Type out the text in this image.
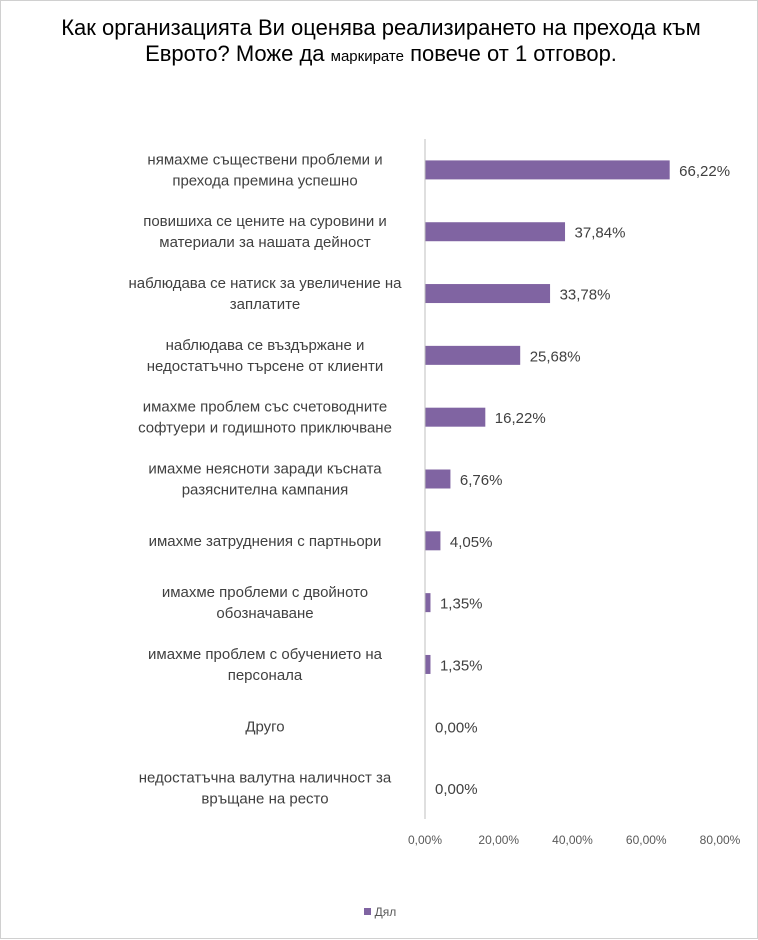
Как организацията Ви оценява реализирането на прехода към Еврото? Може да маркирате повече от 1 отговор.
66,22%
нямахме съществени проблеми и
прехода премина успешно
37,84%
повишиха се цените на суровини и
материали за нашата дейност
33,78%
наблюдава се натиск за увеличение на
заплатите
25,68%
наблюдава се въздържане и
недостатъчно търсене от клиенти
16,22%
имахме проблем със счетоводните
софтуери и годишното приключване
6,76%
имахме неясноти заради късната
разяснителна кампания
4,05%
имахме затруднения с партньори
1,35%
имахме проблеми с двойното
обозначаване
1,35%
имахме проблем с обучението на
персонала
0,00%
Друго
0,00%
недостатъчна валутна наличност за
връщане на ресто
0,00%	20,00%	40,00%	60,00%	80,00%
Дял
